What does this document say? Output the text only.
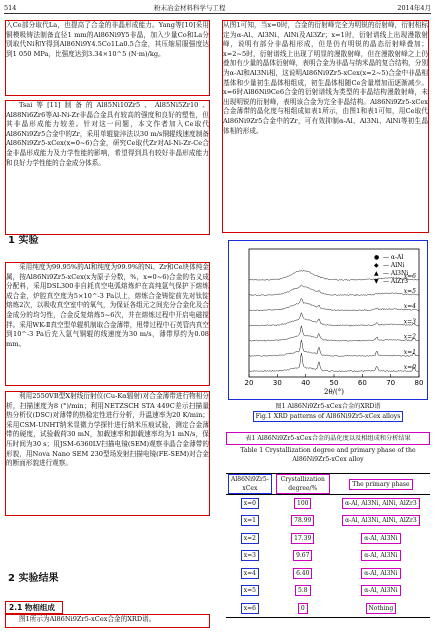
514	粉末冶金材料科学与工程	2014年4月
入Ce部分取代La，也提高了合金的非晶形成能力。Yang等[10]采用铜模吸铸法制备直径1 mm的Al86Ni9Y5非晶，加入少量Co和La分别取代Ni和Y得到Al86Ni9Y4.5Co1La0.5合金，其压缩屈服强度达到1 050 MPa，比强度达到3.34×10^5 (N·m)/kg。
Tsai等[11]制备的Al85Ni10Zr5、Al85Ni5Zr10、Al88Ni6Zr6等Al-Ni-Zr非晶合金具有较高的强度和良好的塑性，但其非晶形成能力较差。针对这一问题，本文作者加入Ce取代Al86Ni9Zr5合金中的Zr，采用单辊旋淬法以30 m/s铜辊线速度制备Al86Ni9Zr5-xCex(x=0~6)合金，研究Ce取代Zr对Al-Ni-Zr-Ce合金非晶形成能力及力学性能的影响，希望得到具有较好非晶形成能力和良好力学性能的合金成分体系。
1 实验
采用纯度为99.95%的Al和纯度为99.9%的Ni、Zr和Ce块体纯金属，按Al86Ni9Zr5-xCex(x为原子分数，%，x=0~6)合金的名义成分配料，采用DSL300非自耗真空电弧熔炼炉在高纯氩气保护下熔炼成合金，炉腔真空度为5×10^-3 Pa以上，熔炼合金铸锭前先对钛锭熔炼2次，以吸收真空室中的氧气，为保证各组元之间充分合金化及合金成分的均匀性，合金反复熔炼5~6次，并在熔炼过程中开启电磁搅拌。采用WK-Ⅱ真空型单辊机制取合金薄带，甩带过程中石英管内真空到10^-3 Pa后充入氩气铜辊的线速度为30 m/s，薄带厚约为0.08 mm。
利用2550VB型X射线衍射仪(Cu-Kα辐射)对合金薄带进行物相分析，扫描速度为8 (°)/min；利用NETZSCH STA 449C差示扫描量热分析仪(DSC)对薄带的热稳定性进行分析，升温速率为20 K/min；采用CSM-UNHT纳米显微力学探针进行纳米压痕试验，测定合金薄带的硬度，试验载荷30 mN，加载速率和卸载速率均为1 mN/s，保压时间为30 s；用JSM-6360LV扫描电镜(SEM)观察非晶合金薄带的形貌，用Nova Nano SEM 230型场发射扫描电镜(FE-SEM)对合金的断面形貌进行观察。
2 实验结果
2.1 物相组成
图1所示为Al86Ni9Zr5-xCex合金的XRD谱。
从图1可知，当x=0时，合金的衍射峰完全为明锐的衍射峰，衍射相标定为α-Al、Al3Ni、AlNi及Al3Zr；x=1时，衍射谱线上出现漫散射峰，说明有部分非晶相形成，但是仍有明锐的晶态衍射峰叠加；x=2~5时，衍射谱线上出现了明显的漫散射峰，但在漫散射峰之上仍叠加有少量的晶体衍射峰，表明合金为非晶与纳米晶的复合结构，分别为α-Al和Al3Ni相，这说明Al86Ni9Zr5-xCex(x=2~5)合金中非晶相基体和少量初生晶体相组成，初生晶体相随Ce含量增加而逐渐减少。x=6时Al86Ni9Ce6合金的衍射谱线为类型的非晶结构漫散射峰，未出现明锐的衍射峰，表明该合金为完全非晶结构。Al86Ni9Zr5-xCex合金薄带的晶化度与相组成如表1所示，由图1和表1可知，用Ce取代Al86Ni9Zr5合金中的Zr，可有效抑制α-Al、Al3Ni、AlNi等初生晶体相的形成。
20	30	40	50	60	70	80
2θ/(°)
x=0
x=1
x=2
x=3
x=4
x=5
x=6
● — α-Al
◆ — AlNi
▲ — Al3Ni
▼ — AlZr3
图1 Al86Ni9Zr5-xCex合金的XRD谱
Fig.1 XRD patterns of Al86Ni9Zr5-xCex alloys
表1 Al86Ni9Zr5-xCex合金的晶化度以及相组成和分析结果
Table 1 Crystallization degree and primary phase of the Al86Ni9Zr5-xCex alloy
Al86Ni9Zr5-xCex	Crystallization degree/%	The primary phase
x=0	100	α-Al, Al3Ni, AlNi, AlZr3
x=1	78.99	α-Al, Al3Ni, AlNi, AlZr3
x=2	17.39	α-Al, Al3Ni
x=3	9.67	α-Al, Al3Ni
x=4	6.40	α-Al, Al3Ni
x=5	5.8	α-Al, Al3Ni
x=6	0	Nothing
